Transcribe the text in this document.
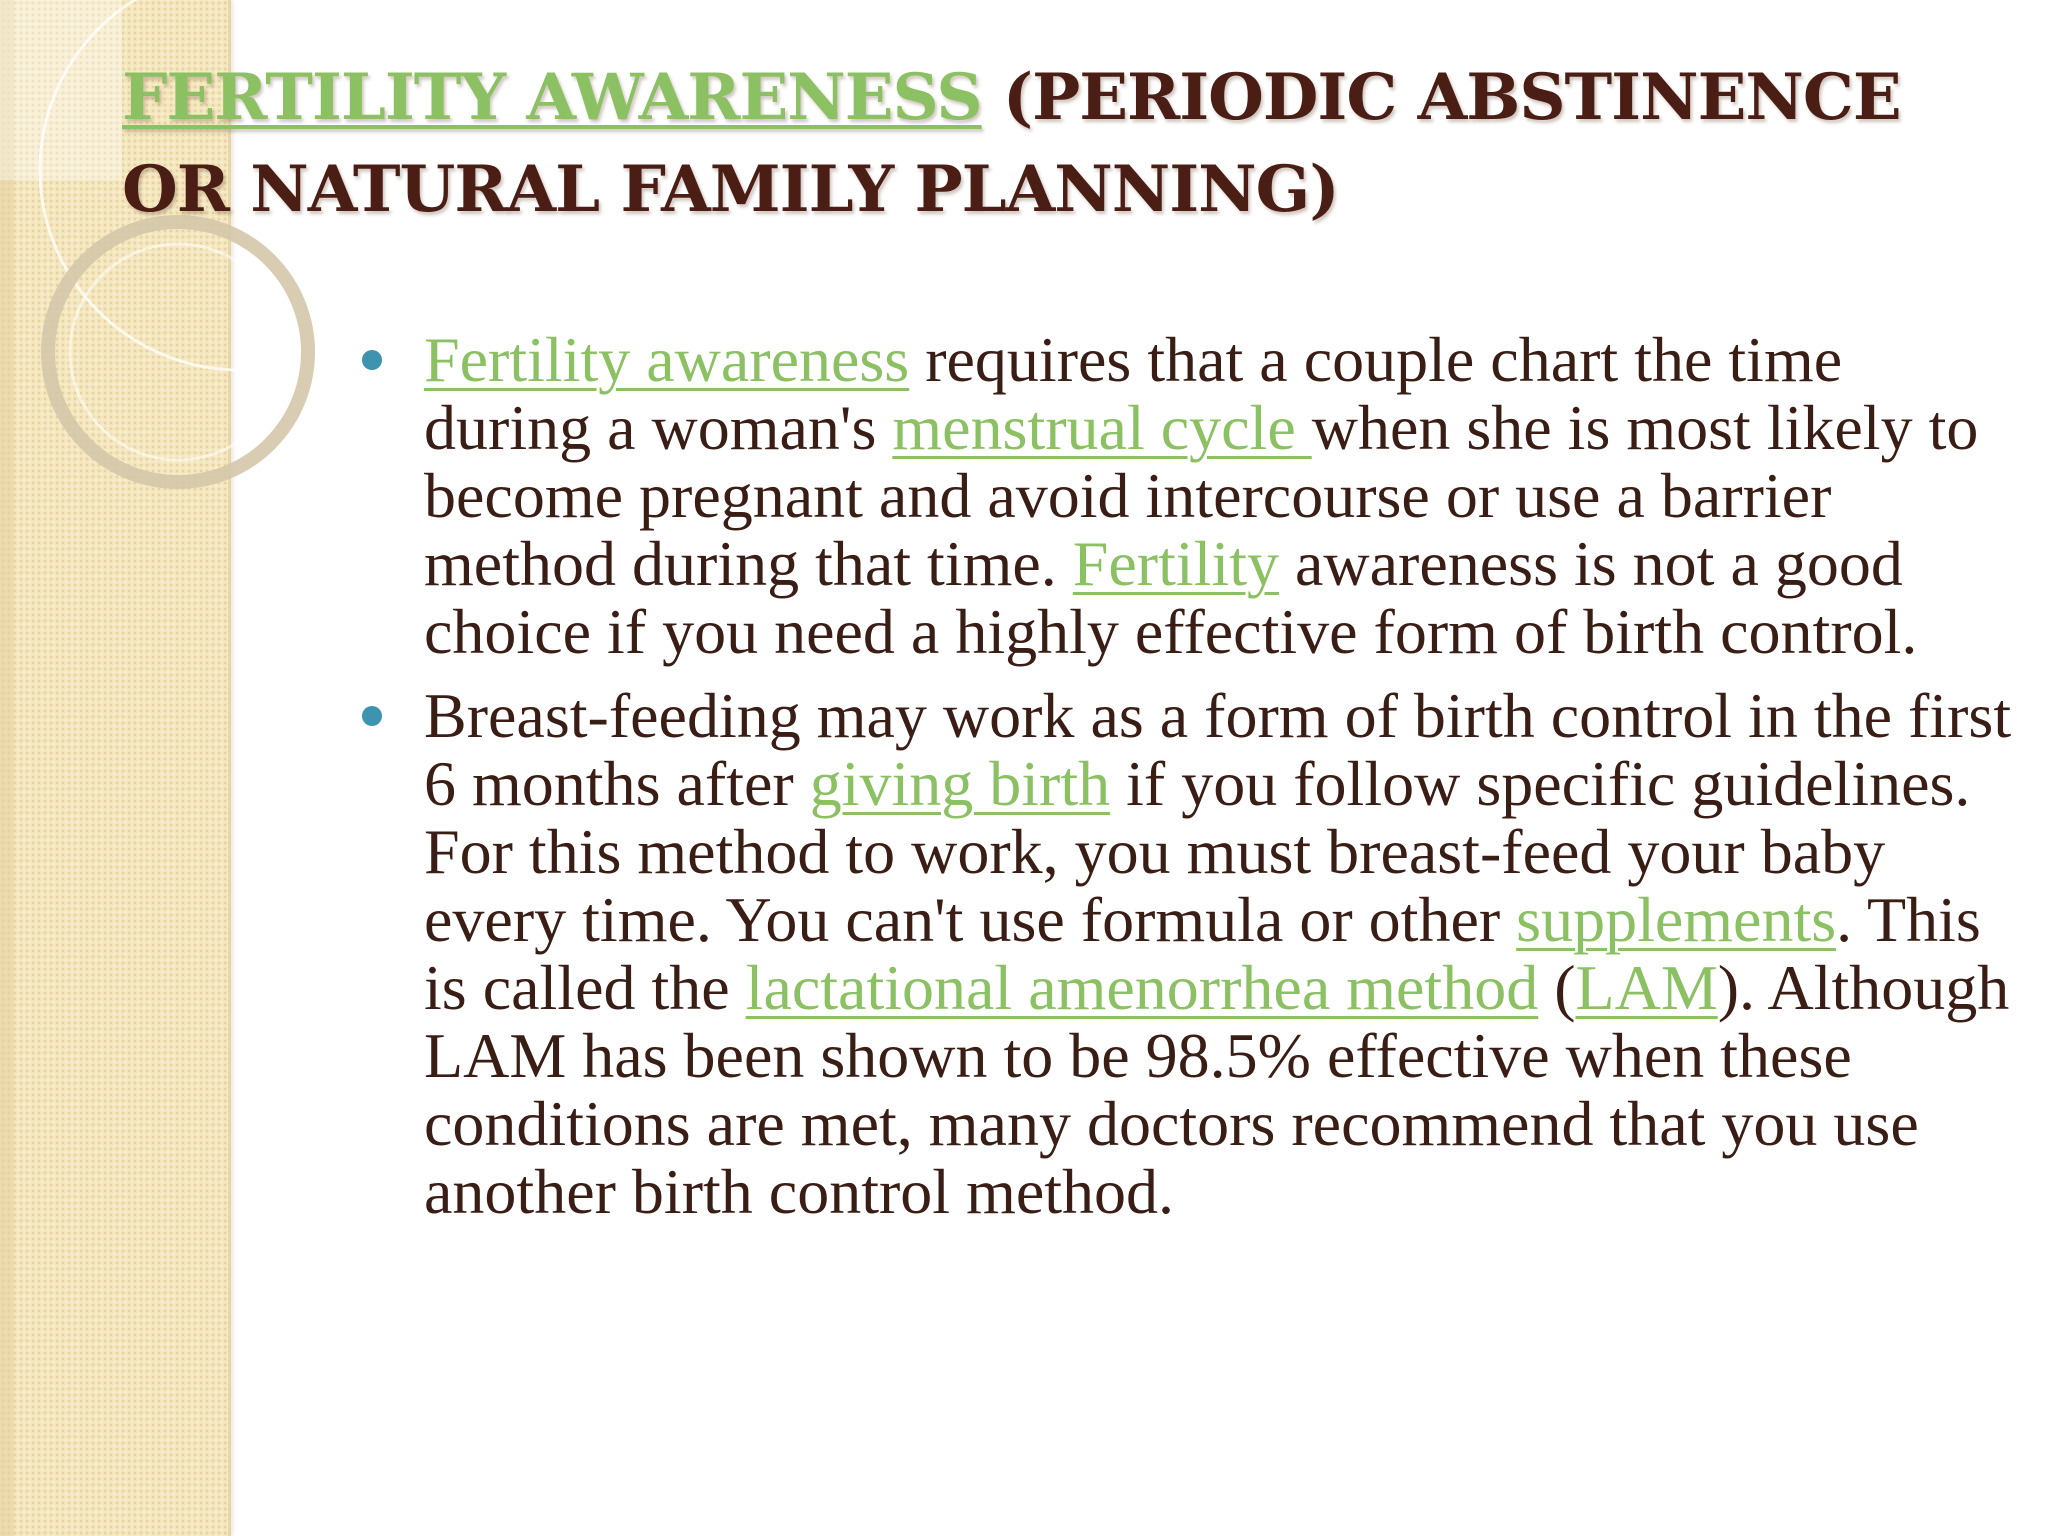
FERTILITY AWARENESS (PERIODIC ABSTINENCE OR NATURAL FAMILY PLANNING)
Fertility awareness requires that a couple chart the time during a woman's menstrual cycle when she is most likely to become pregnant and avoid intercourse or use a barrier method during that time. Fertility awareness is not a good choice if you need a highly effective form of birth control.
Breast-feeding may work as a form of birth control in the first 6 months after giving birth if you follow specific guidelines. For this method to work, you must breast-feed your baby every time. You can't use formula or other supplements. This is called the lactational amenorrhea method (LAM). Although LAM has been shown to be 98.5% effective when these conditions are met, many doctors recommend that you use another birth control method.
